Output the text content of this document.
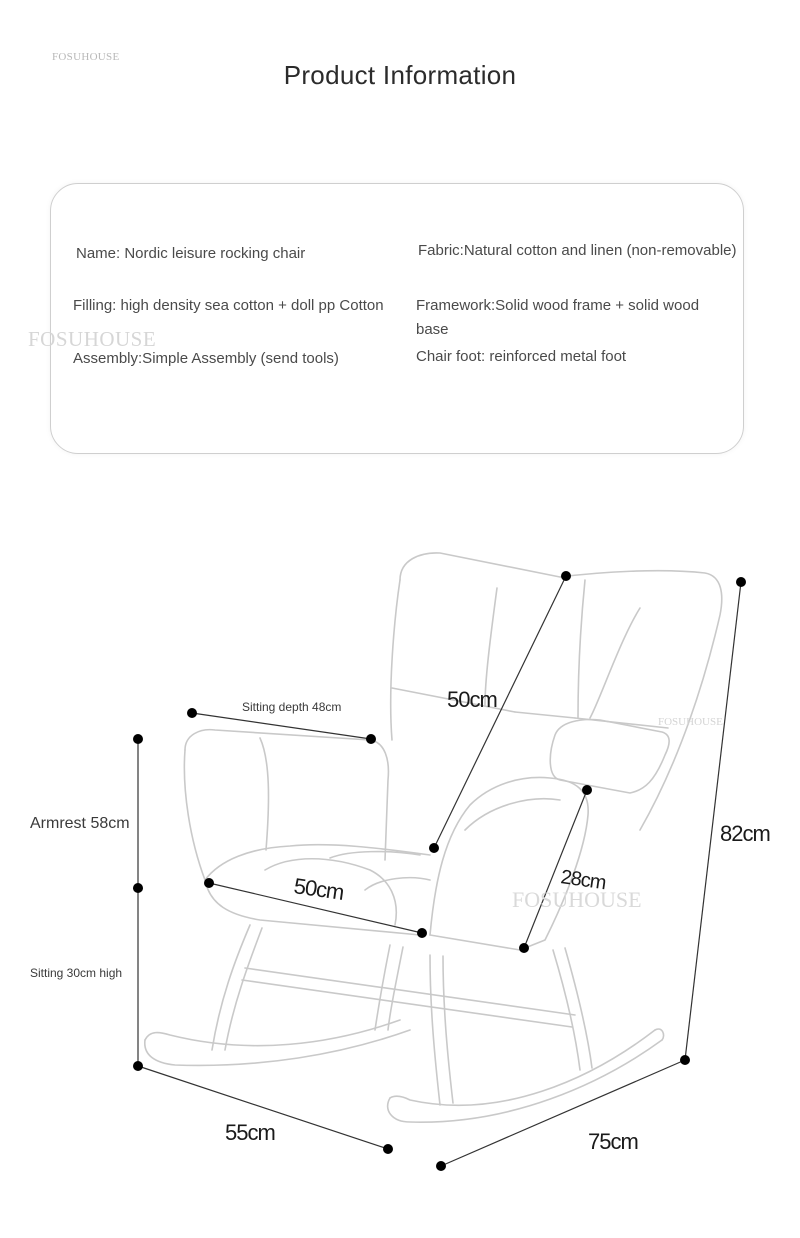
FOSUHOUSE
Product Information
FOSUHOUSE
Name: Nordic leisure rocking chair	Fabric:Natural cotton and linen (non-removable)
Filling: high density sea cotton + doll pp Cotton Framework:Solid wood frame + solid wood base
Assembly:Simple Assembly (send tools)	Chair foot: reinforced metal foot
FOSUHOUSE
FOSUHOUSE
50cm
50cm	28cm
82cm
55cm	75cm
Sitting depth 48cm
Armrest 58cm
Sitting 30cm high
